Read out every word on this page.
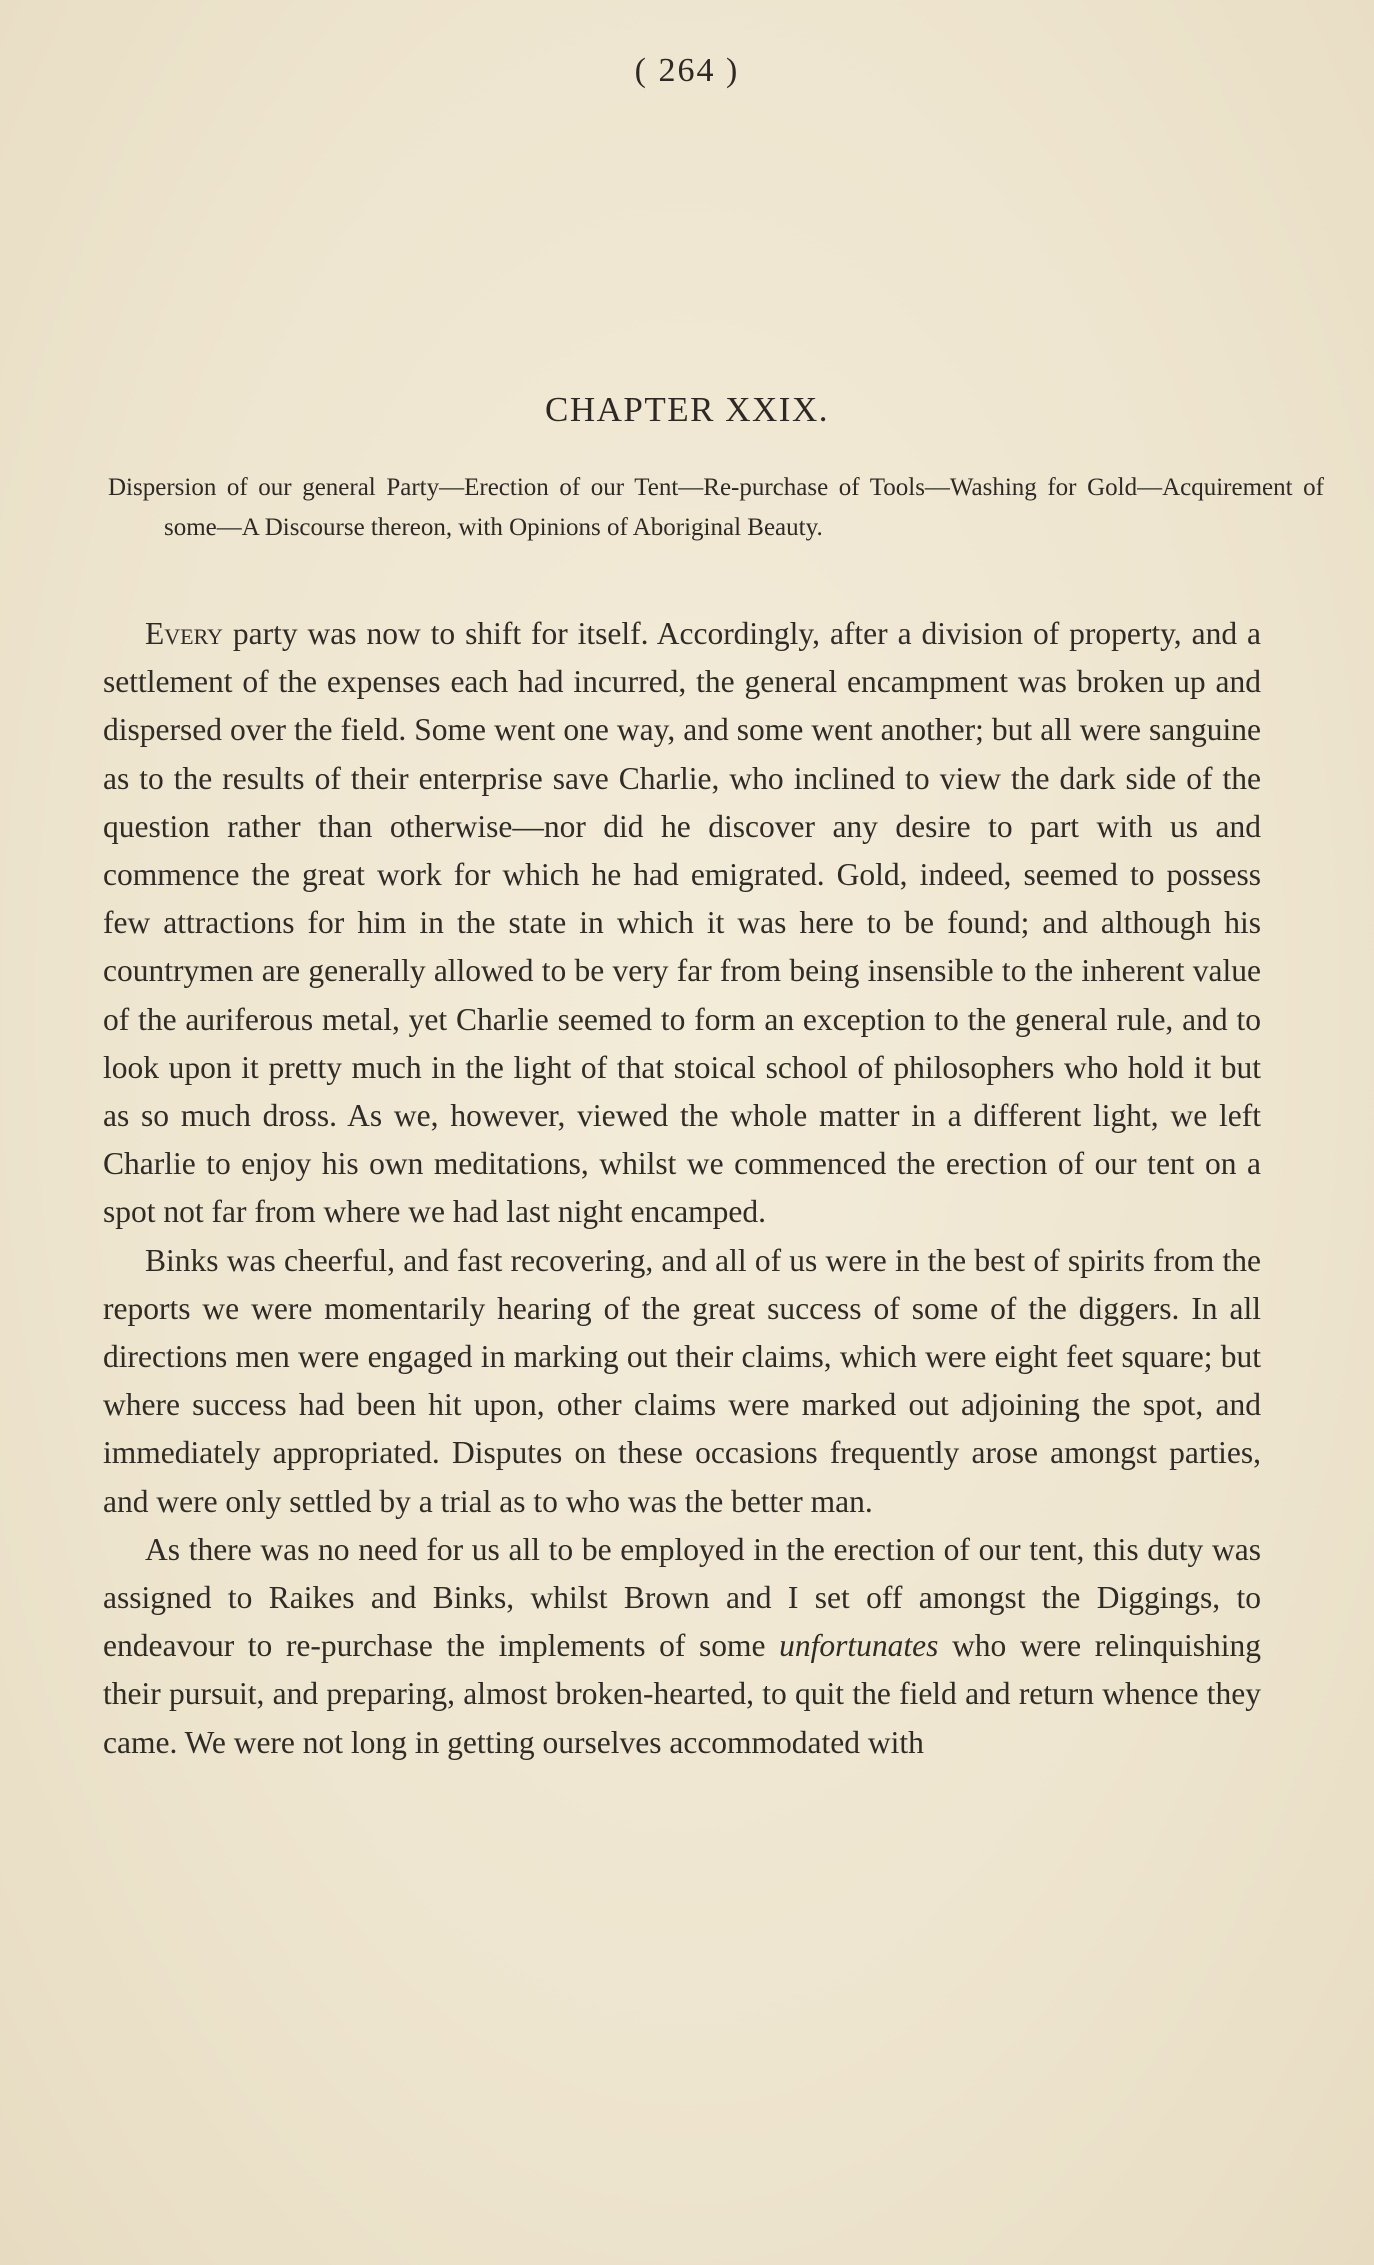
( 264 )
CHAPTER XXIX.
Dispersion of our general Party—Erection of our Tent—Re-purchase of Tools—Washing for Gold—Acquirement of some—A Discourse thereon, with Opinions of Aboriginal Beauty.

Every party was now to shift for itself. Accordingly, after a division of property, and a settlement of the expenses each had incurred, the general encampment was broken up and dispersed over the field. Some went one way, and some went another; but all were sanguine as to the results of their enterprise save Charlie, who inclined to view the dark side of the question rather than otherwise—nor did he discover any desire to part with us and commence the great work for which he had emigrated. Gold, indeed, seemed to possess few attractions for him in the state in which it was here to be found; and although his countrymen are generally allowed to be very far from being insensible to the inherent value of the auriferous metal, yet Charlie seemed to form an exception to the general rule, and to look upon it pretty much in the light of that stoical school of philosophers who hold it but as so much dross. As we, however, viewed the whole matter in a different light, we left Charlie to enjoy his own meditations, whilst we commenced the erection of our tent on a spot not far from where we had last night encamped.

Binks was cheerful, and fast recovering, and all of us were in the best of spirits from the reports we were momentarily hearing of the great success of some of the diggers. In all directions men were engaged in marking out their claims, which were eight feet square; but where success had been hit upon, other claims were marked out adjoining the spot, and immediately appropriated. Disputes on these occasions frequently arose amongst parties, and were only settled by a trial as to who was the better man.

As there was no need for us all to be employed in the erection of our tent, this duty was assigned to Raikes and Binks, whilst Brown and I set off amongst the Diggings, to endeavour to re-purchase the implements of some unfortunates who were relinquishing their pursuit, and preparing, almost broken-hearted, to quit the field and return whence they came. We were not long in getting ourselves accommodated with
